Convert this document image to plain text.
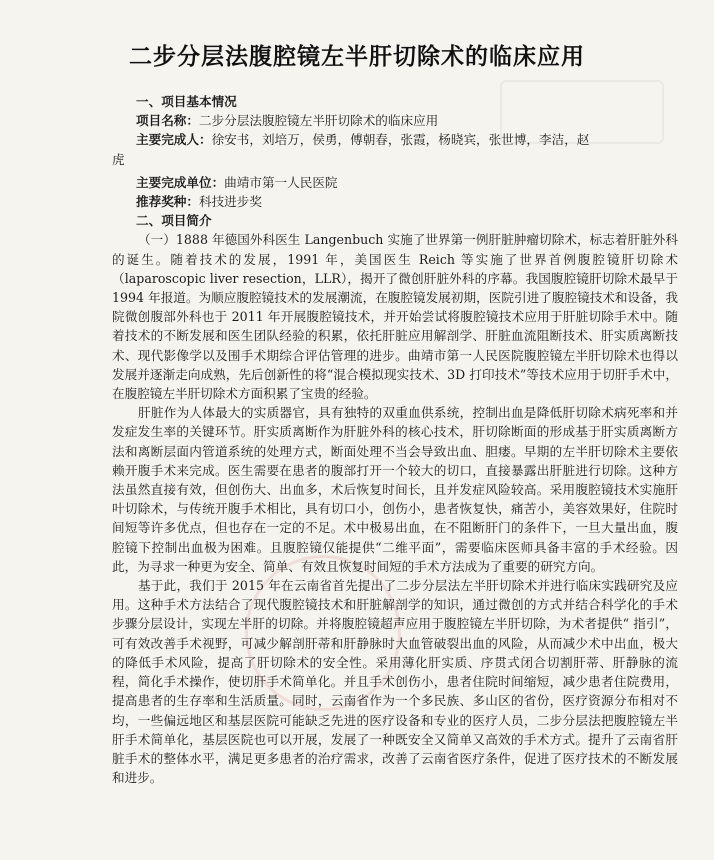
二步分层法腹腔镜左半肝切除术的临床应用
一、项目基本情况
项目名称：二步分层法腹腔镜左半肝切除术的临床应用
主要完成人：徐安书，刘培万，侯勇，傅朝春，张霞，杨晓宾，张世博，李洁，赵
虎
主要完成单位：曲靖市第一人民医院
推荐奖种：科技进步奖
二、项目简介

（一）1888 年德国外科医生 Langenbuch 实施了世界第一例肝脏肿瘤切除术，标志着肝脏外科的诞生。随着技术的发展，1991 年，美国医生 Reich 等实施了世界首例腹腔镜肝切除术（laparoscopic liver resection，LLR），揭开了微创肝脏外科的序幕。我国腹腔镜肝切除术最早于 1994 年报道。为顺应腹腔镜技术的发展潮流，在腹腔镜发展初期，医院引进了腹腔镜技术和设备，我院微创腹部外科也于 2011 年开展腹腔镜技术，并开始尝试将腹腔镜技术应用于肝脏切除手术中。随着技术的不断发展和医生团队经验的积累，依托肝脏应用解剖学、肝脏血流阻断技术、肝实质离断技术、现代影像学以及围手术期综合评估管理的进步。曲靖市第一人民医院腹腔镜左半肝切除术也得以发展并逐渐走向成熟，先后创新性的将“混合模拟现实技术、3D 打印技术”等技术应用于切肝手术中，在腹腔镜左半肝切除术方面积累了宝贵的经验。

肝脏作为人体最大的实质器官，具有独特的双重血供系统，控制出血是降低肝切除术病死率和并发症发生率的关键环节。肝实质离断作为肝脏外科的核心技术，肝切除断面的形成基于肝实质离断方法和离断层面内管道系统的处理方式，断面处理不当会导致出血、胆瘘。早期的左半肝切除术主要依赖开腹手术来完成。医生需要在患者的腹部打开一个较大的切口，直接暴露出肝脏进行切除。这种方法虽然直接有效，但创伤大、出血多，术后恢复时间长，且并发症风险较高。采用腹腔镜技术实施肝叶切除术，与传统开腹手术相比，具有切口小，创伤小，患者恢复快，痛苦小，美容效果好，住院时间短等许多优点，但也存在一定的不足。术中极易出血，在不阻断肝门的条件下，一旦大量出血，腹腔镜下控制出血极为困难。且腹腔镜仅能提供“二维平面”，需要临床医师具备丰富的手术经验。因此，为寻求一种更为安全、简单、有效且恢复时间短的手术方法成为了重要的研究方向。

基于此，我们于 2015 年在云南省首先提出了二步分层法左半肝切除术并进行临床实践研究及应用。这种手术方法结合了现代腹腔镜技术和肝脏解剖学的知识，通过微创的方式并结合科学化的手术步骤分层设计，实现左半肝的切除。并将腹腔镜超声应用于腹腔镜左半肝切除，为术者提供“ 指引”，可有效改善手术视野，可减少解剖肝蒂和肝静脉时大血管破裂出血的风险，从而减少术中出血，极大的降低手术风险，提高了肝切除术的安全性。采用薄化肝实质、序贯式闭合切割肝蒂、肝静脉的流程，简化手术操作，使切肝手术简单化。并且手术创伤小，患者住院时间缩短，减少患者住院费用，提高患者的生存率和生活质量。同时，云南省作为一个多民族、多山区的省份，医疗资源分布相对不均，一些偏远地区和基层医院可能缺乏先进的医疗设备和专业的医疗人员，二步分层法把腹腔镜左半肝手术简单化，基层医院也可以开展，发展了一种既安全又简单又高效的手术方式。提升了云南省肝脏手术的整体水平，满足更多患者的治疗需求，改善了云南省医疗条件，促进了医疗技术的不断发展和进步。
